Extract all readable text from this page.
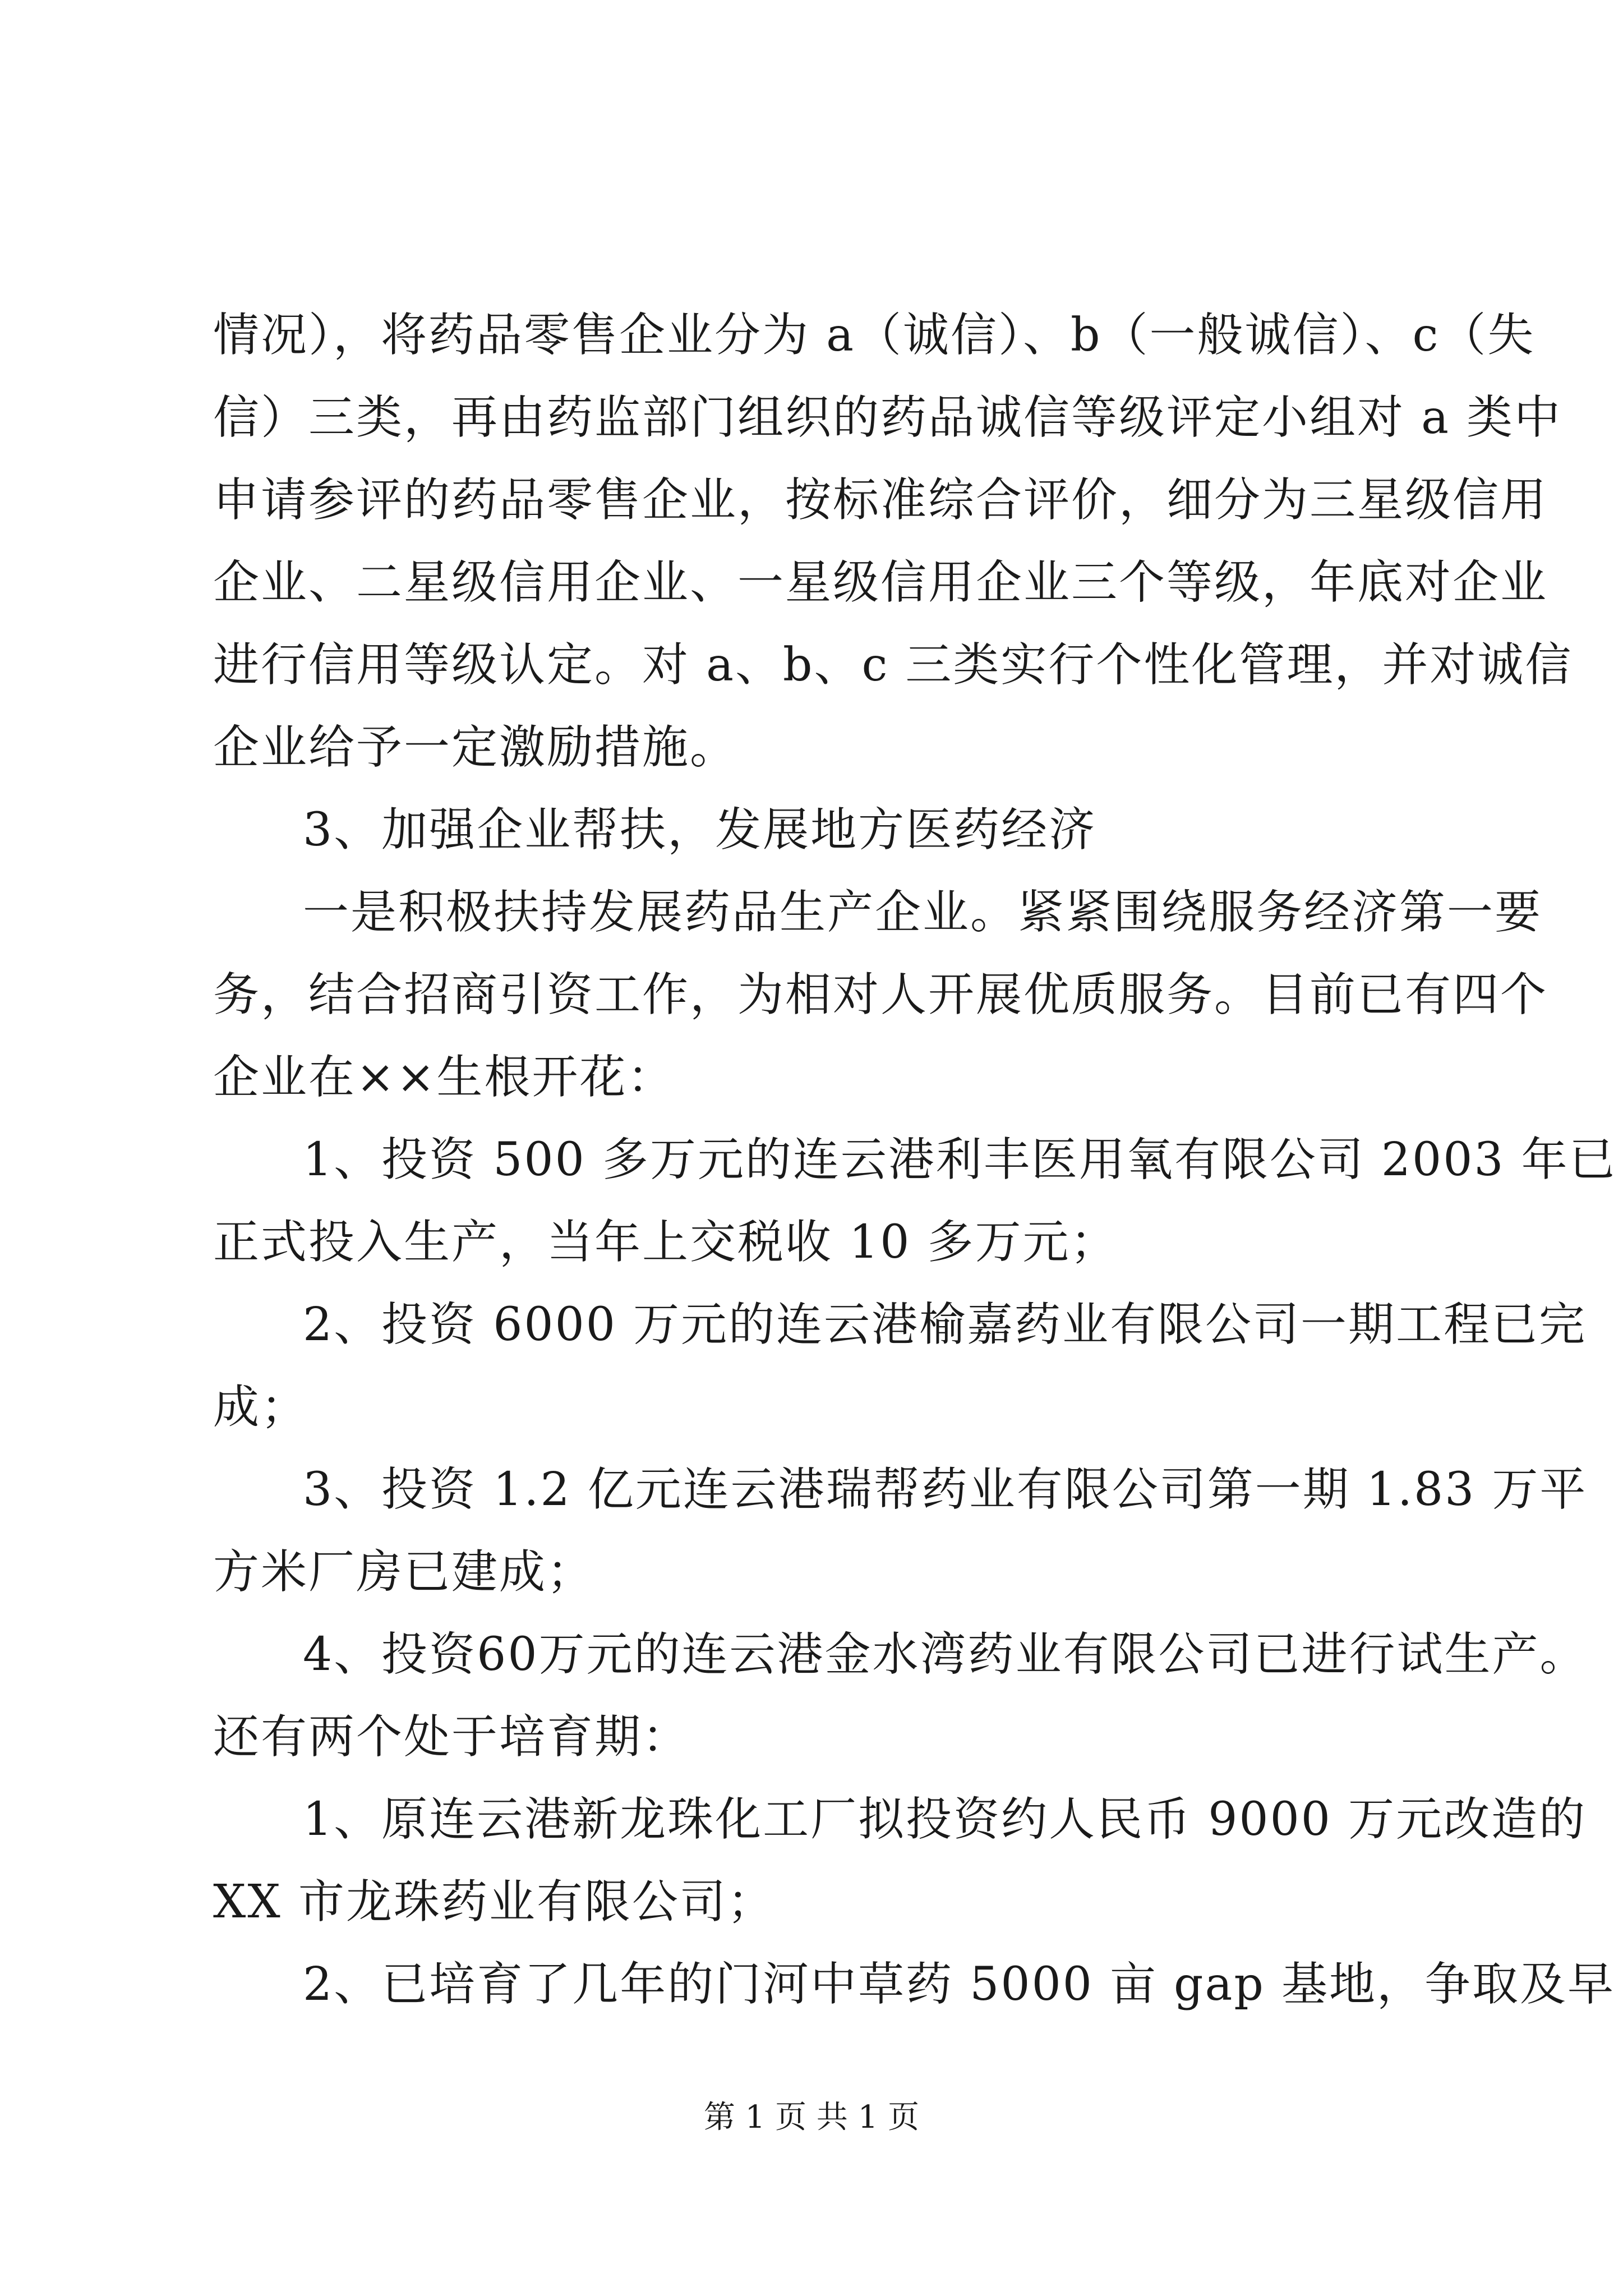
情况），将药品零售企业分为 a（诚信）、b（一般诚信）、c（失
信）三类，再由药监部门组织的药品诚信等级评定小组对 a 类中
申请参评的药品零售企业，按标准综合评价，细分为三星级信用
企业、二星级信用企业、一星级信用企业三个等级，年底对企业
进行信用等级认定。对 a、b、c 三类实行个性化管理，并对诚信
企业给予一定激励措施。
3、加强企业帮扶，发展地方医药经济
一是积极扶持发展药品生产企业。紧紧围绕服务经济第一要
务，结合招商引资工作，为相对人开展优质服务。目前已有四个
企业在××生根开花：
1、投资 500 多万元的连云港利丰医用氧有限公司 2003 年已
正式投入生产，当年上交税收 10 多万元；
2、投资 6000 万元的连云港榆嘉药业有限公司一期工程已完
成；
3、投资 1.2 亿元连云港瑞帮药业有限公司第一期 1.83 万平
方米厂房已建成；
4、投资60万元的连云港金水湾药业有限公司已进行试生产。
还有两个处于培育期：
1、原连云港新龙珠化工厂拟投资约人民币 9000 万元改造的
XX 市龙珠药业有限公司；
2、已培育了几年的门河中草药 5000 亩 gap 基地，争取及早
第 1 页 共 1 页
